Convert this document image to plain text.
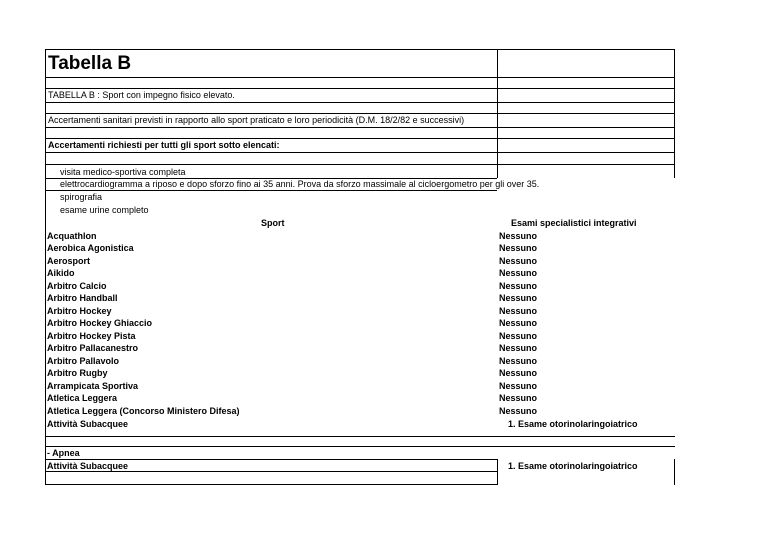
Tabella B
TABELLA B : Sport con impegno fisico elevato.
Accertamenti sanitari previsti in rapporto allo sport praticato e loro periodicità (D.M. 18/2/82 e successivi)
Accertamenti richiesti per tutti gli sport sotto elencati:
visita medico-sportiva completa
elettrocardiogramma a riposo e dopo sforzo fino ai 35 anni. Prova da sforzo massimale al cicloergometro per gli over 35.
spirografia
esame urine completo
Sport	Esami specialistici integrativi
Acquathlon	Nessuno
Aerobica Agonistica	Nessuno
Aerosport	Nessuno
Aikido	Nessuno
Arbitro Calcio	Nessuno
Arbitro Handball	Nessuno
Arbitro Hockey	Nessuno
Arbitro Hockey Ghiaccio	Nessuno
Arbitro Hockey Pista	Nessuno
Arbitro Pallacanestro	Nessuno
Arbitro Pallavolo	Nessuno
Arbitro Rugby	Nessuno
Arrampicata Sportiva	Nessuno
Atletica Leggera	Nessuno
Atletica Leggera (Concorso Ministero Difesa)	Nessuno
Attività Subacquee	1. Esame otorinolaringoiatrico
- Apnea
Attività Subacquee	1. Esame otorinolaringoiatrico
